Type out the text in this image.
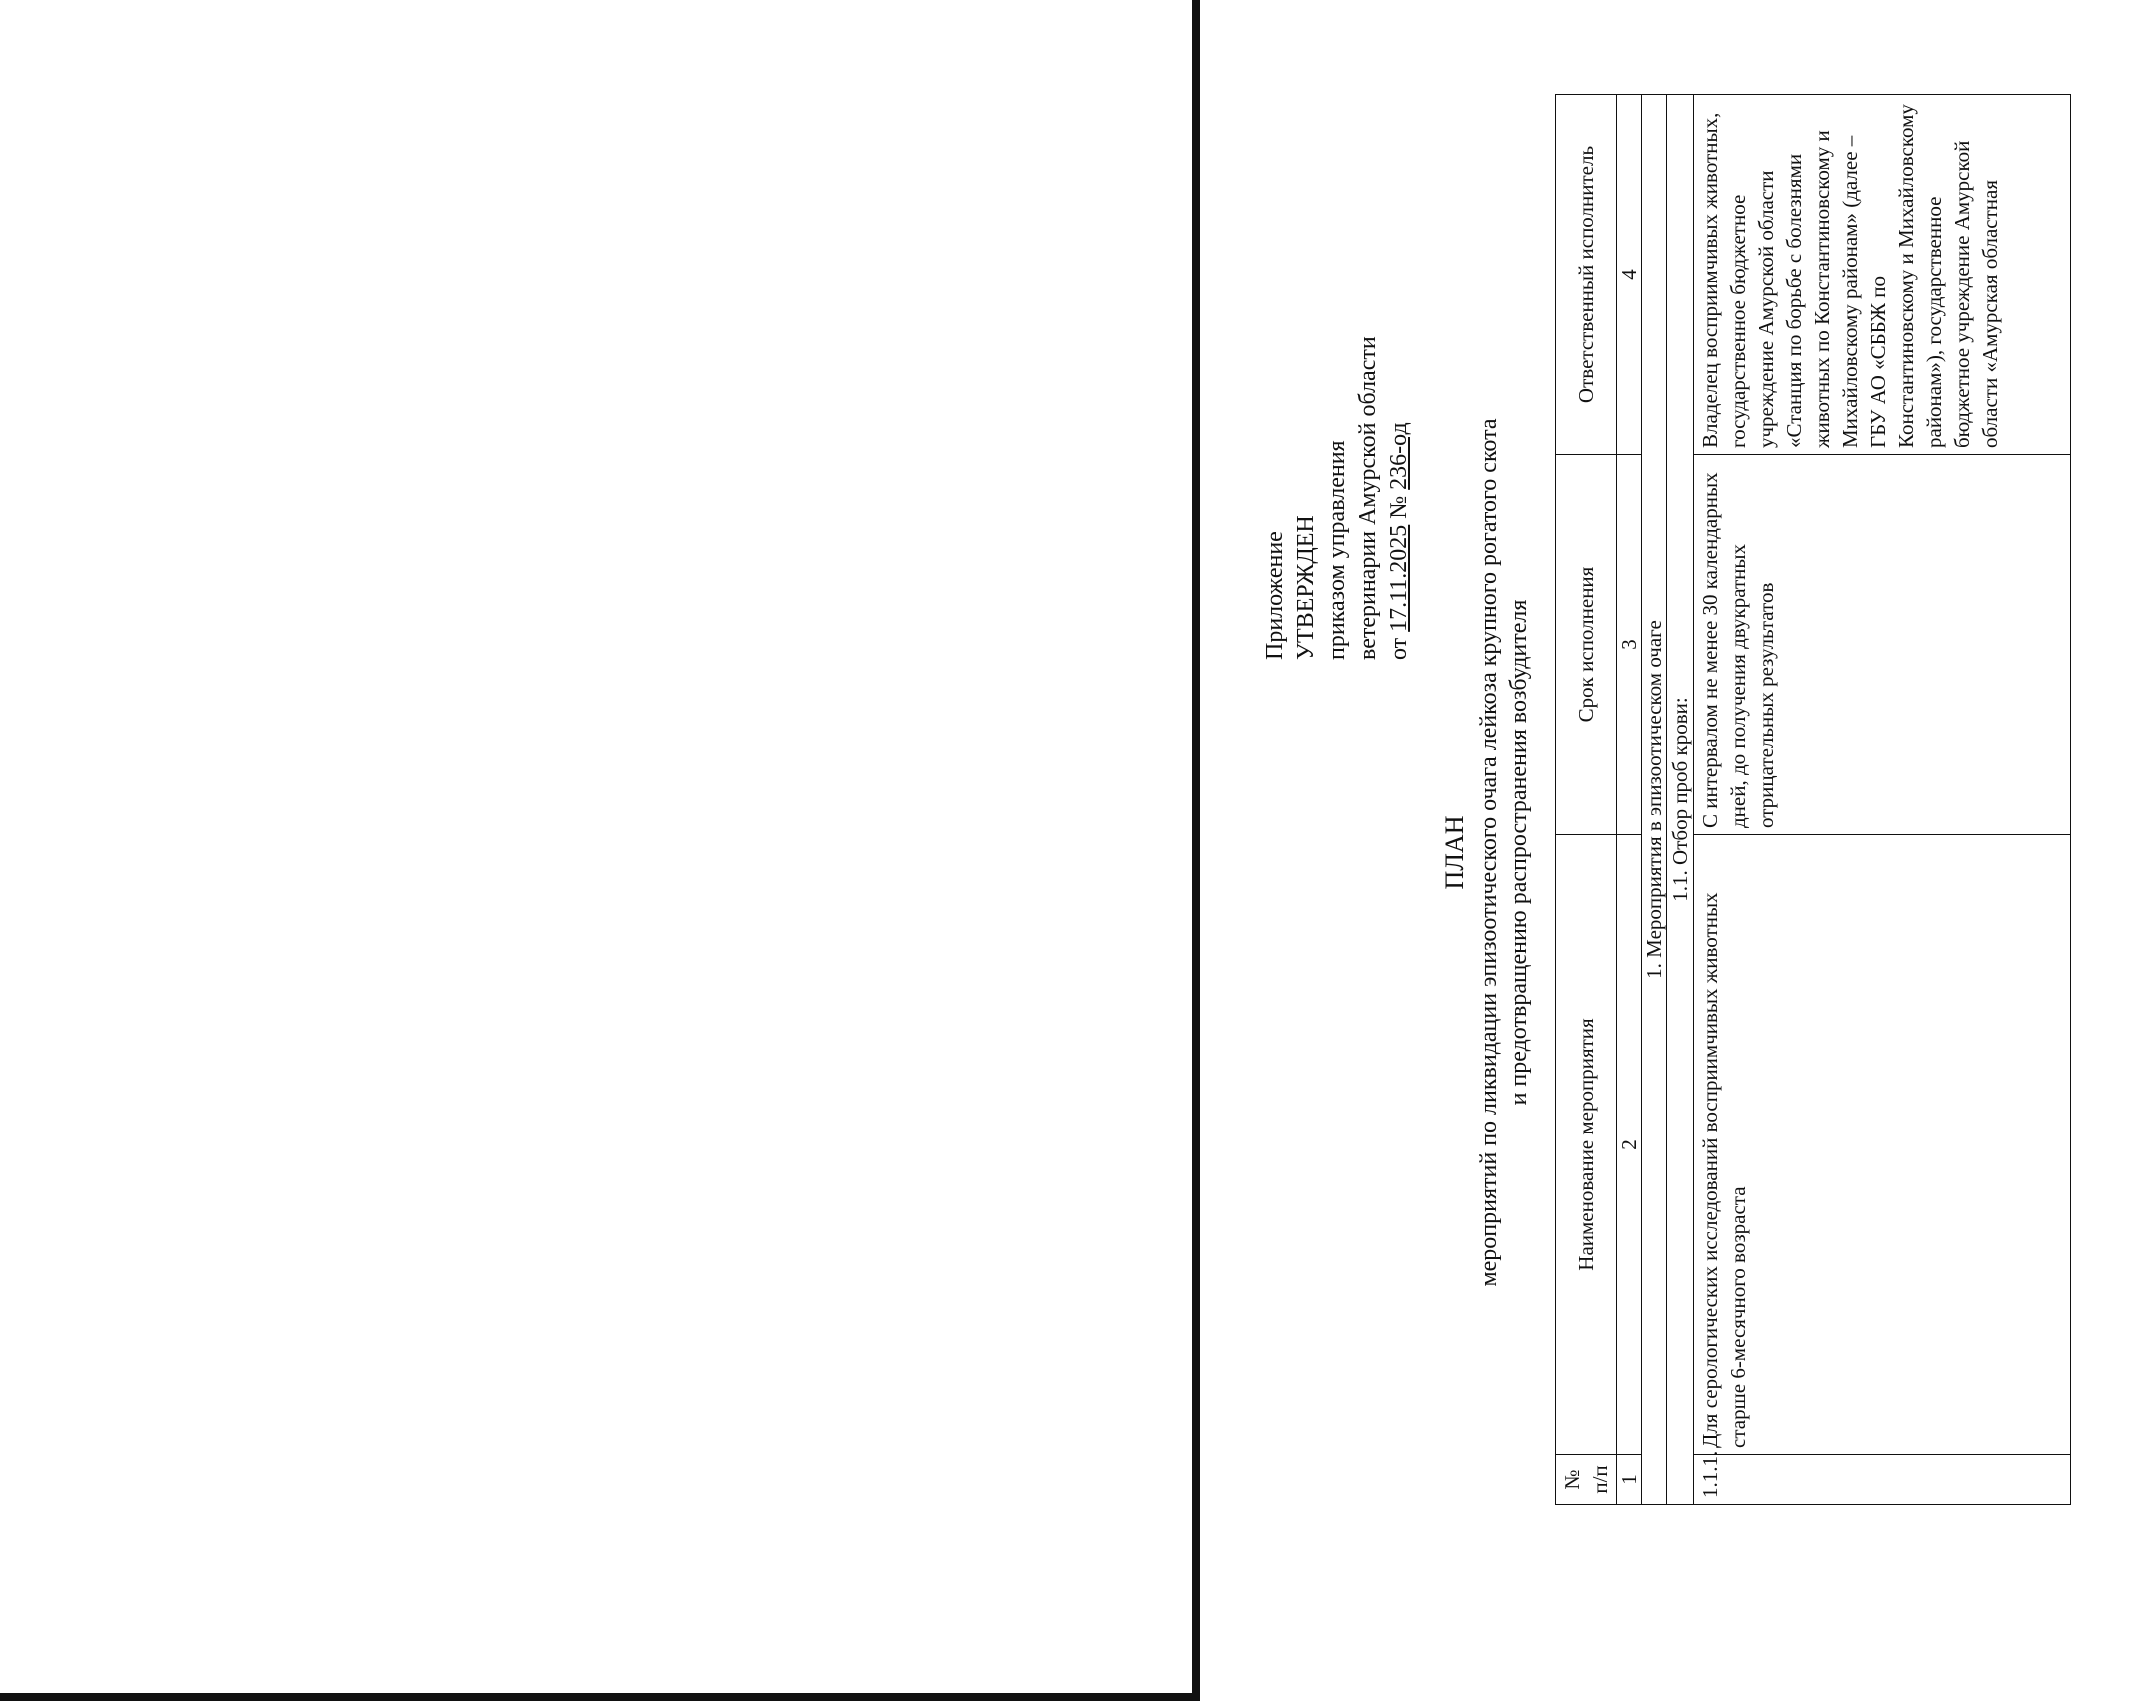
Приложение УТВЕРЖДЕН приказом управления ветеринарии Амурской области от 17.11.2025 № 236-од
ПЛАН мероприятий по ликвидации эпизоотического очага лейкоза крупного рогатого скота и предотвращению распространения возбудителя
№ п/п	Наименование мероприятия	Срок исполнения	Ответственный исполнитель
1	2	3	4
1. Мероприятия в эпизоотическом очаге			
1.1. Отбор проб крови:			
1.1.1.	Для серологических исследований восприимчивых животных старше 6-месячного возраста	С интервалом не менее 30 календарных дней, до получения двукратных отрицательных результатов	Владелец восприимчивых животных, государственное бюджетное учреждение Амурской области «Станция по борьбе с болезнями животных по Константиновскому и Михайловскому районам» (далее – ГБУ АО «СББЖ по Константиновскому и Михайловскому районам»), государственное бюджетное учреждение Амурской области «Амурская областная
